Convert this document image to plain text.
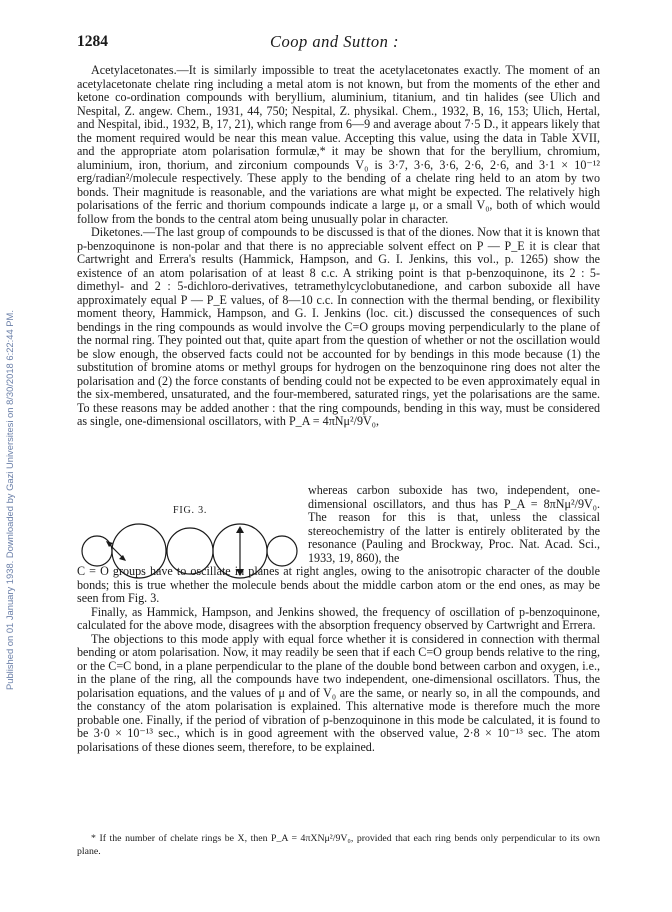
Published on 01 January 1938. Downloaded by Gazi Universitesi on 8/30/2018 6:22:44 PM.
1284	Coop and Sutton :

Acetylacetonates.—It is similarly impossible to treat the acetylacetonates exactly. The moment of an acetylacetonate chelate ring including a metal atom is not known, but from the moments of the ether and ketone co-ordination compounds with beryllium, aluminium, titanium, and tin halides (see Ulich and Nespital, Z. angew. Chem., 1931, 44, 750; Nespital, Z. physikal. Chem., 1932, B, 16, 153; Ulich, Hertal, and Nespital, ibid., 1932, B, 17, 21), which range from 6—9 and average about 7·5 D., it appears likely that the moment required would be near this mean value. Accepting this value, using the data in Table XVII, and the appropriate atom polarisation formulæ,* it may be shown that for the beryllium, chromium, aluminium, iron, thorium, and zirconium compounds V₀ is 3·7, 3·6, 3·6, 2·6, 2·6, and 3·1 × 10⁻¹² erg/radian²/molecule respectively. These apply to the bending of a chelate ring held to an atom by two bonds. Their magnitude is reasonable, and the variations are what might be expected. The relatively high polarisations of the ferric and thorium compounds indicate a large μ, or a small V₀, both of which would follow from the bonds to the central atom being unusually polar in character.

Diketones.—The last group of compounds to be discussed is that of the diones. Now that it is known that p-benzoquinone is non-polar and that there is no appreciable solvent effect on P — P_E it is clear that Cartwright and Errera's results (Hammick, Hampson, and G. I. Jenkins, this vol., p. 1265) show the existence of an atom polarisation of at least 8 c.c. A striking point is that p-benzoquinone, its 2 : 5-dimethyl- and 2 : 5-dichloro-derivatives, tetramethylcyclobutanedione, and carbon suboxide all have approximately equal P — P_E values, of 8—10 c.c. In connection with the thermal bending, or flexibility moment theory, Hammick, Hampson, and G. I. Jenkins (loc. cit.) discussed the consequences of such bendings in the ring compounds as would involve the C=O groups moving perpendicularly to the plane of the normal ring. They pointed out that, quite apart from the question of whether or not the oscillation would be slow enough, the observed facts could not be accounted for by bendings in this mode because (1) the substitution of bromine atoms or methyl groups for hydrogen on the benzoquinone ring does not alter the polarisation and (2) the force constants of bending could not be expected to be even approximately equal in the six-membered, unsaturated, and the four-membered, saturated rings, yet the polarisations are the same. To these reasons may be added another : that the ring compounds, bending in this way, must be considered as single, one-dimensional oscillators, with P_A = 4πNμ²/9V₀,

FIG. 3.
whereas carbon suboxide has two, independent, one-dimensional oscillators, and thus has P_A = 8πNμ²/9V₀. The reason for this is that, unless the classical stereochemistry of the latter is entirely obliterated by the resonance (Pauling and Brockway, Proc. Nat. Acad. Sci., 1933, 19, 860), the

C = O groups have to oscillate in planes at right angles, owing to the anisotropic character of the double bonds; this is true whether the molecule bends about the middle carbon atom or the end ones, as may be seen from Fig. 3.

Finally, as Hammick, Hampson, and Jenkins showed, the frequency of oscillation of p-benzoquinone, calculated for the above mode, disagrees with the absorption frequency observed by Cartwright and Errera.

The objections to this mode apply with equal force whether it is considered in connection with thermal bending or atom polarisation. Now, it may readily be seen that if each C=O group bends relative to the ring, or the C=C bond, in a plane perpendicular to the plane of the double bond between carbon and oxygen, i.e., in the plane of the ring, all the compounds have two independent, one-dimensional oscillators. Thus, the polarisation equations, and the values of μ and of V₀ are the same, or nearly so, in all the compounds, and the constancy of the atom polarisation is explained. This alternative mode is therefore much the more probable one. Finally, if the period of vibration of p-benzoquinone in this mode be calculated, it is found to be 3·0 × 10⁻¹³ sec., which is in good agreement with the observed value, 2·8 × 10⁻¹³ sec. The atom polarisations of these diones seem, therefore, to be explained.

* If the number of chelate rings be X, then P_A = 4πXNμ²/9V₀, provided that each ring bends only perpendicular to its own plane.
